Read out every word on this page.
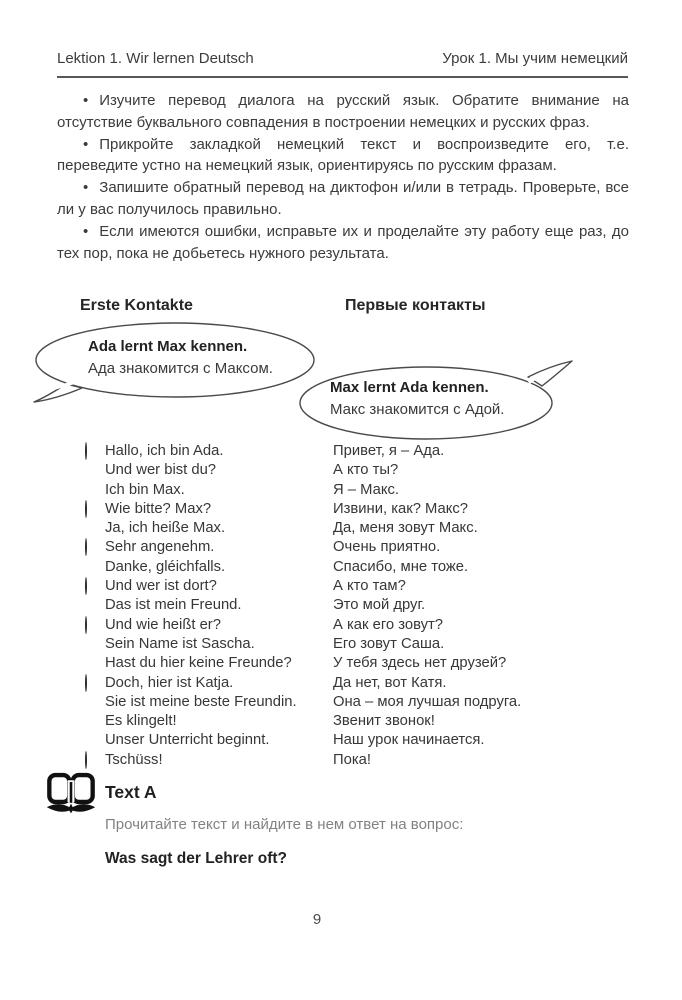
Lektion 1. Wir lernen Deutsch	Урок 1. Мы учим немецкий

• Изучите перевод диалога на русский язык. Обратите внимание на отсутствие буквального совпадения в построении немецких и русских фраз.

• Прикройте закладкой немецкий текст и воспроизведите его, т.е. переведите устно на немецкий язык, ориентируясь по русским фразам.

• Запишите обратный перевод на диктофон и/или в тетрадь. Проверьте, все ли у вас получилось правильно.

• Если имеются ошибки, исправьте их и проделайте эту работу еще раз, до тех пор, пока не добьетесь нужного результата.

Erste Kontakte	Первые контакты
Ada lernt Max kennen.
Ада знакомится с Максом.
Max lernt Ada kennen.
Макс знакомится с Адой.
Hallo, ich bin Ada.	Привет, я – Ада.
Und wer bist du?	А кто ты?
Ich bin Max.	Я – Макс.
Wie bitte? Max?	Извини, как? Макс?
Ja, ich heiße Max.	Да, меня зовут Макс.
Sehr angenehm.	Очень приятно.
Danke, gléichfalls.	Спасибо, мне тоже.
Und wer ist dort?	А кто там?
Das ist mein Freund.	Это мой друг.
Und wie heißt er?	А как его зовут?
Sein Name ist Sascha.	Его зовут Саша.
Hast du hier keine Freunde?	У тебя здесь нет друзей?
Doch, hier ist Katja.	Да нет, вот Катя.
Sie ist meine beste Freundin.	Она – моя лучшая подруга.
Es klingelt!	Звенит звонок!
Unser Unterricht beginnt.	Наш урок начинается.
Tschüss!	Пока!
Text A
Прочитайте текст и найдите в нем ответ на вопрос:
Was sagt der Lehrer oft?
9
